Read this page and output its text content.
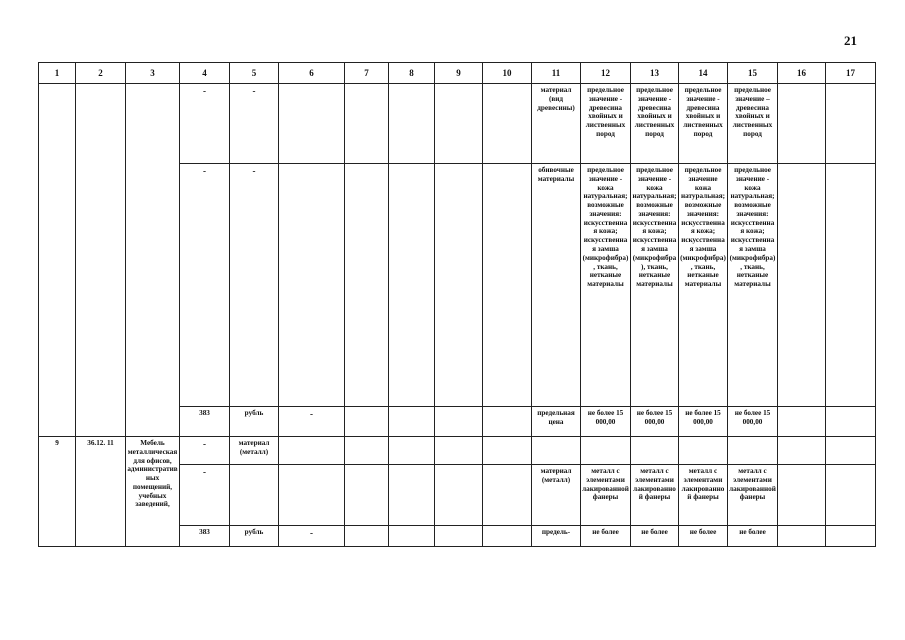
21
1	2	3	4	5	6	7	8	9	10	11	12	13	14	15	16	17
			-	-						материал (вид древесины)	предельное значение - древесина хвойных и лиственных пород	предельное значение - древесина хвойных и лиственных пород	предельное значение - древесина хвойных и лиственных пород	предельное значение – древесина хвойных и лиственных пород		
			-	-						обивочные материалы	предельное значение - кожа натуральная; возможные значения: искусственная кожа; искусственная замша (микрофибра), ткань, нетканые материалы	предельное значение - кожа натуральная; возможные значения: искусственная кожа; искусственная замша (микрофибра), ткань, нетканые материалы	предельное значение кожа натуральная; возможные значения: искусственная кожа; искусственная замша (микрофибра), ткань, нетканые материалы	предельное значение - кожа натуральная; возможные значения: искусственная кожа; искусственная замша (микрофибра), ткань, нетканые материалы		
			383	рубль	-					предельная цена	не более 15 000,00	не более 15 000,00	не более 15 000,00	не более 15 000,00		
9	36.12. 11	Мебель металлическая для офисов, административных помещений, учебных заведений,	-	материал (металл)												
			-							материал (металл)	металл с элементами лакированной фанеры	металл с элементами лакированной фанеры	металл с элементами лакированной фанеры	металл с элементами лакированной фанеры		
			383	рубль	-					предель-	не более	не более	не более	не более		
